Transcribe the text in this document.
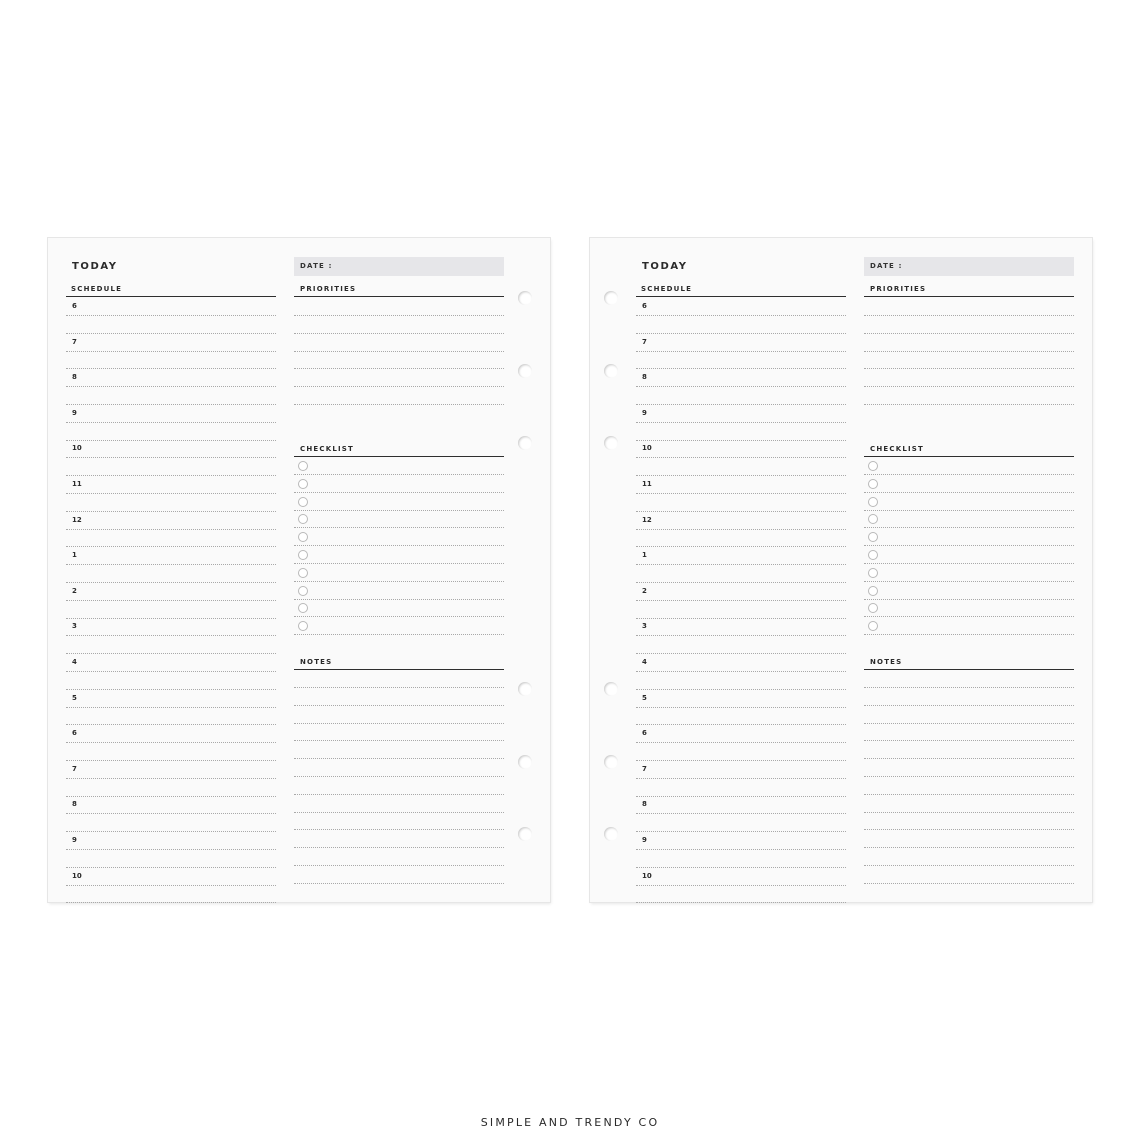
TODAY	DATE :
SCHEDULE	PRIORITIES
CHECKLIST
NOTES
6
7
8
9
10
11
12
1
2
3
4
5
6
7
8
9
10
TODAY	DATE :
SCHEDULE	PRIORITIES
CHECKLIST
NOTES
6
7
8
9
10
11
12
1
2
3
4
5
6
7
8
9
10
SIMPLE AND TRENDY CO
